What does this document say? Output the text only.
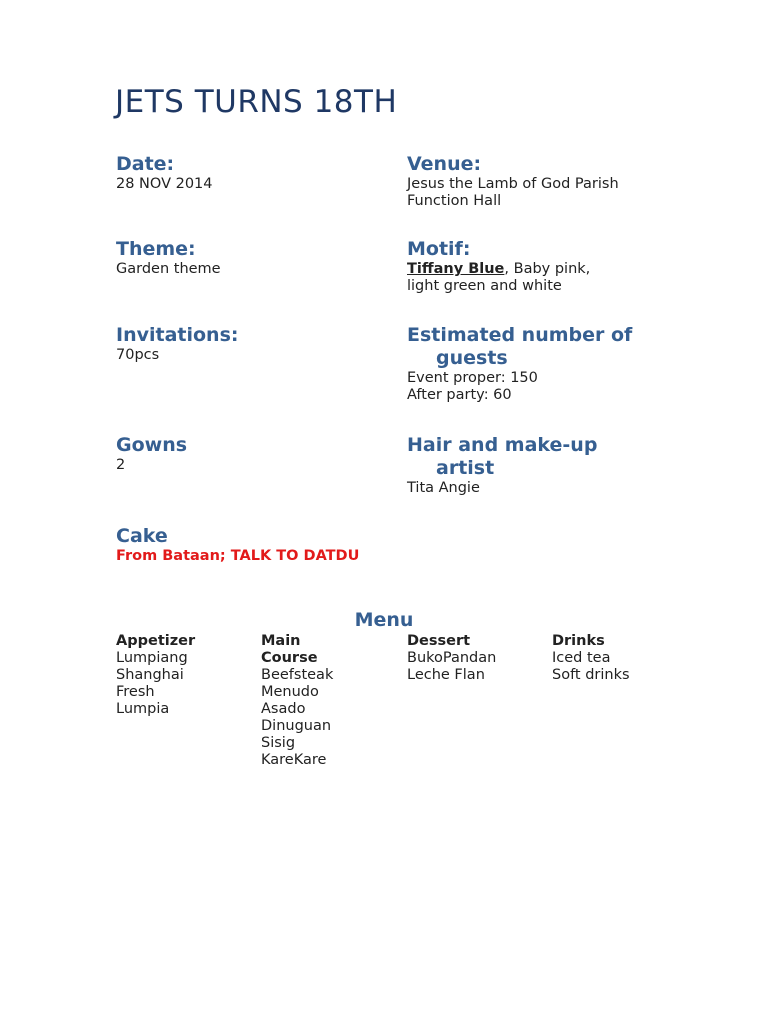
JETS TURNS 18TH

Date:

28 NOV 2014

Venue:

Jesus the Lamb of God Parish

Function Hall

Theme:

Garden theme

Motif:

Tiffany Blue, Baby pink,

light green and white

Invitations:

70pcs

Estimated number of
guests

Event proper: 150

After party: 60

Gowns

2

Hair and make-up
artist

Tita Angie

Cake

From Bataan; TALK TO DATDU

Menu

Appetizer
Lumpiang
Shanghai
Fresh
Lumpia
Main
Course
Beefsteak
Menudo
Asado
Dinuguan
Sisig
KareKare
Dessert
BukoPandan
Leche Flan
Drinks
Iced tea
Soft drinks
